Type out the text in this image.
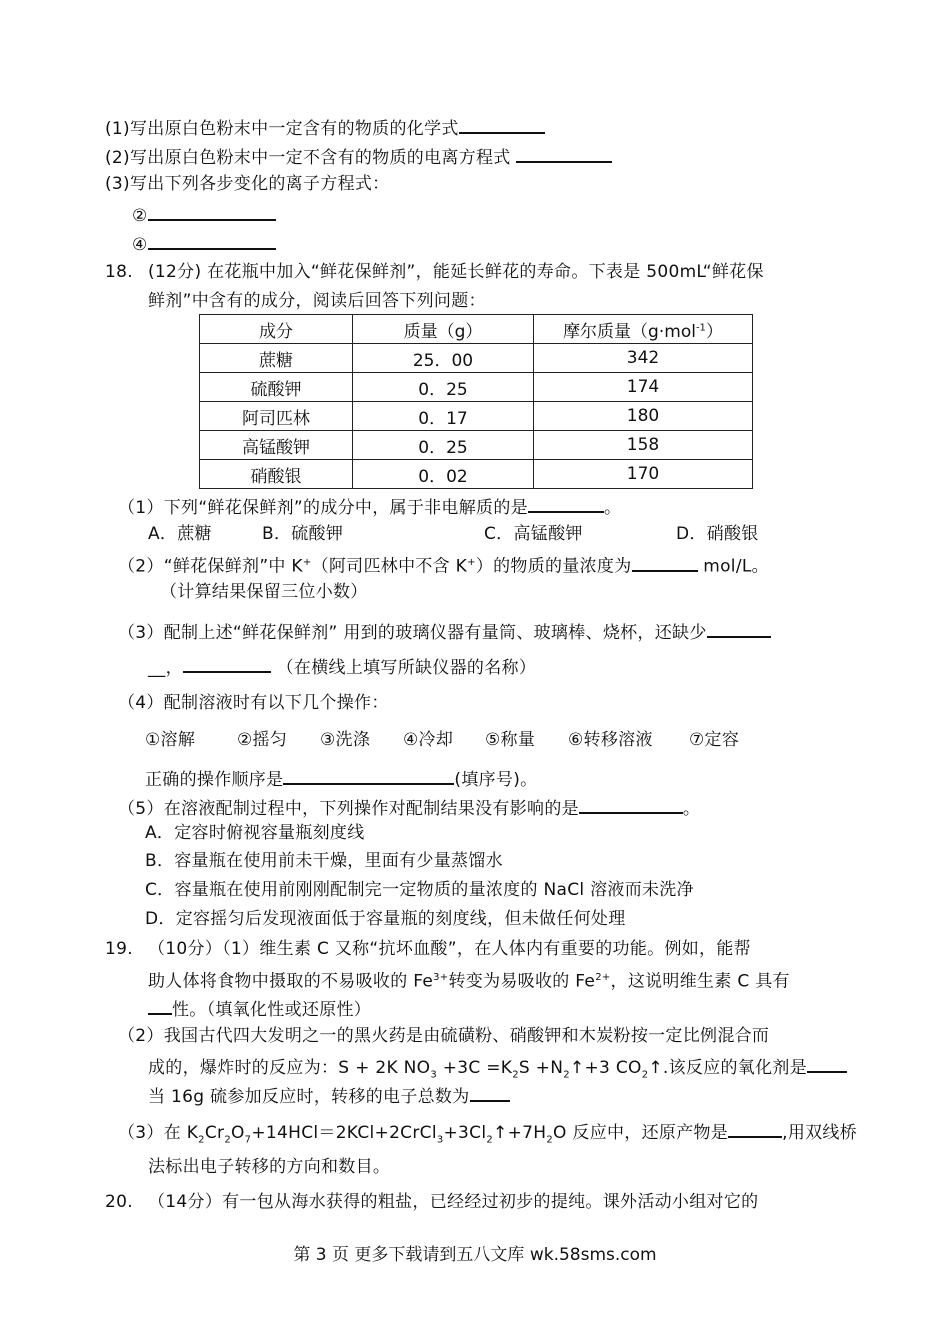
(1)写出原白色粉末中一定含有的物质的化学式
(2)写出原白色粉末中一定不含有的物质的电离方程式
(3)写出下列各步变化的离子方程式：
②
④
18. (12分) 在花瓶中加入“鲜花保鲜剂”，能延长鲜花的寿命。下表是 500mL“鲜花保
鲜剂”中含有的成分，阅读后回答下列问题：
成分	质量（g）	摩尔质量（g·mol$^{-1}$）
蔗糖	25．00	342
硫酸钾	0．25	174
阿司匹林	0．17	180
高锰酸钾	0．25	158
硝酸银	0．02	170
（1）下列“鲜花保鲜剂”的成分中，属于非电解质的是	。
A．蔗糖	B．硫酸钾	C．高锰酸钾	D．硝酸银
（2）“鲜花保鲜剂”中 K+（阿司匹林中不含 K+）的物质的量浓度为	mol/L。
（计算结果保留三位小数）
（3）配制上述“鲜花保鲜剂” 用到的玻璃仪器有量筒、玻璃棒、烧杯，还缺少
__，	（在横线上填写所缺仪器的名称）
（4）配制溶液时有以下几个操作：
①溶解 ②摇匀 ③洗涤 ④冷却 ⑤称量 ⑥转移溶液 ⑦定容
正确的操作顺序是	(填序号)。
（5）在溶液配制过程中，下列操作对配制结果没有影响的是	。
A．定容时俯视容量瓶刻度线
B．容量瓶在使用前未干燥，里面有少量蒸馏水
C．容量瓶在使用前刚刚配制完一定物质的量浓度的 NaCl 溶液而未洗净
D．定容摇匀后发现液面低于容量瓶的刻度线，但未做任何处理
19. （10分）（1）维生素 C 又称“抗坏血酸”，在人体内有重要的功能。例如，能帮
助人体将食物中摄取的不易吸收的 $Fe^{3+}$转变为易吸收的 $Fe^{2+}$，这说明维生素 C 具有
性。（填氧化性或还原性）
（2）我国古代四大发明之一的黑火药是由硫磺粉、硝酸钾和木炭粉按一定比例混合而
成的，爆炸时的反应为：S + 2K $NO_3 +3C =K_2S$ $+N_2↑+3$ $CO_2↑$.该反应的氧化剂是
当 16g 硫参加反应时，转移的电子总数为
（3）在 $K_2Cr_2O_7+14HCl=2KCl+2CrCl_3+3Cl_2↑+7H_2O$ 反应中，还原产物是	,用双线桥
法标出电子转移的方向和数目。
20. （14分）有一包从海水获得的粗盐，已经经过初步的提纯。课外活动小组对它的
第 3 页 更多下载请到五八文库 wk.58sms.com
